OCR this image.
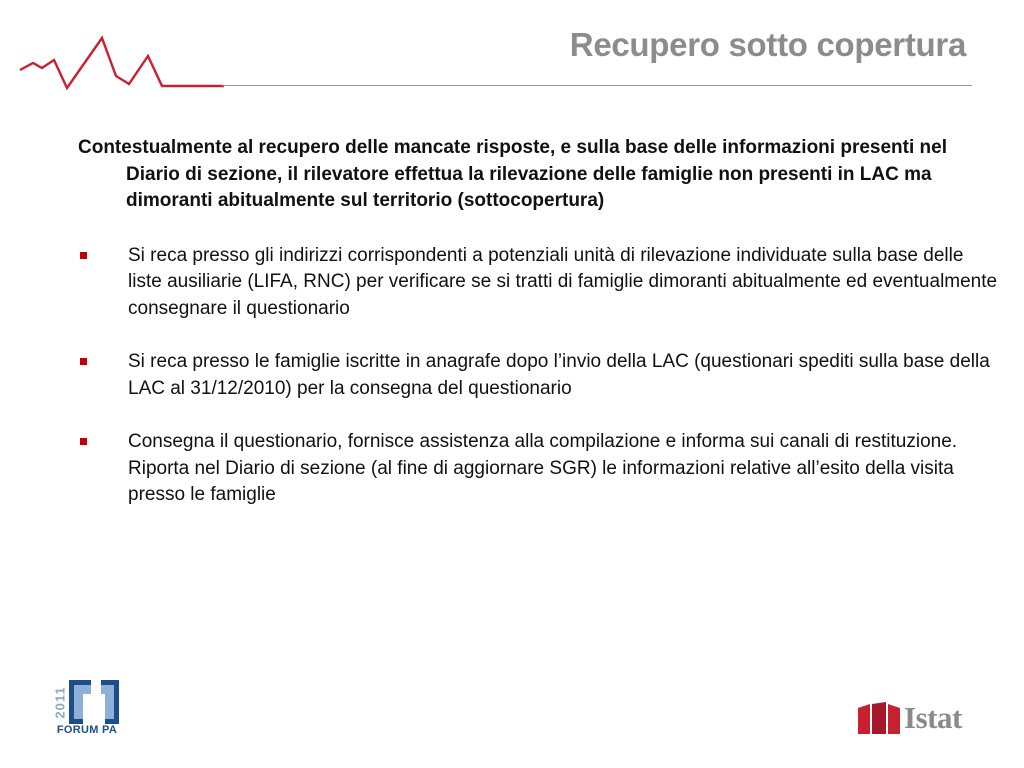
Recupero sotto copertura

Contestualmente al recupero delle mancate risposte, e sulla base delle informazioni presenti nel Diario di sezione, il rilevatore effettua la rilevazione delle famiglie non presenti in LAC ma dimoranti abitualmente sul territorio (sottocopertura)

Si reca presso gli indirizzi corrispondenti a potenziali unità di rilevazione individuate sulla base delle liste ausiliarie (LIFA, RNC) per verificare se si tratti di famiglie dimoranti abitualmente ed eventualmente consegnare il questionario
Si reca presso le famiglie iscritte in anagrafe dopo l’invio della LAC (questionari spediti sulla base della LAC al 31/12/2010) per la consegna del questionario
Consegna il questionario, fornisce assistenza alla compilazione e informa sui canali di restituzione. Riporta nel Diario di sezione (al fine di aggiornare SGR) le informazioni relative all’esito della visita presso le famiglie
2011
FORUM PA	Istat
